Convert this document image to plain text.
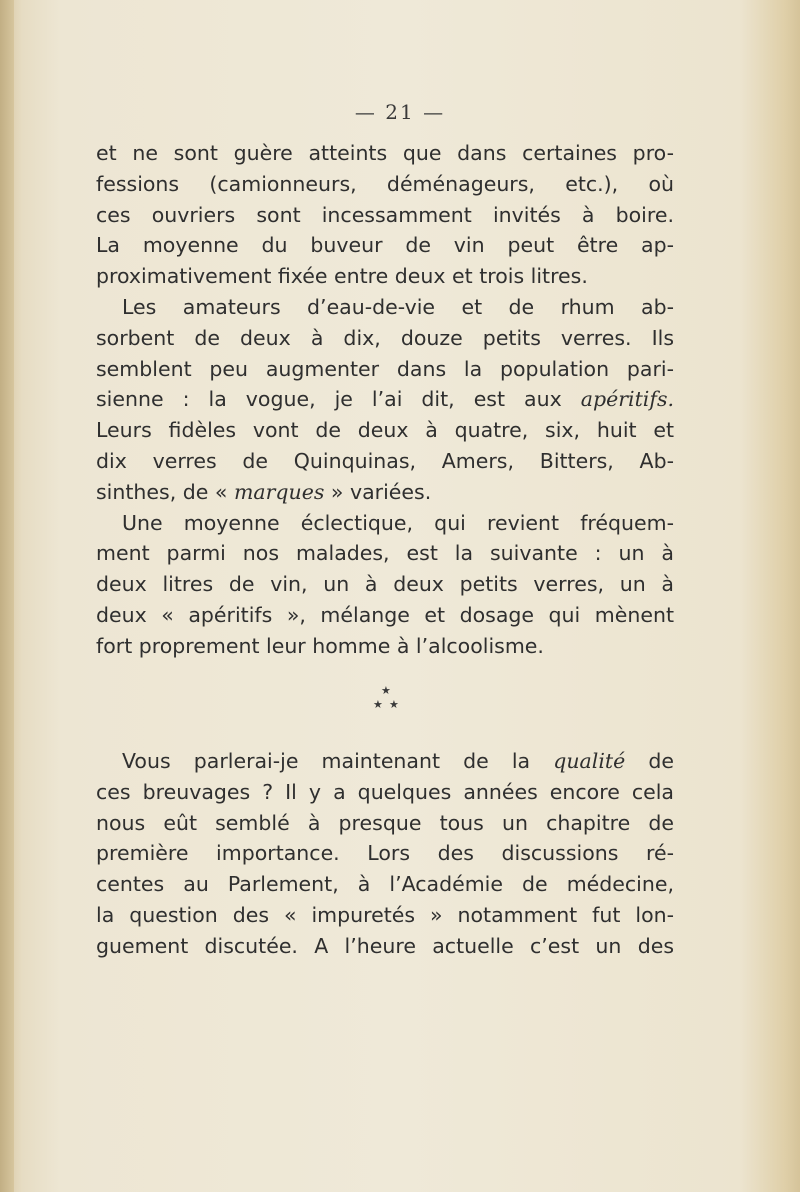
— 21 —
et ne sont guère atteints que dans certaines pro-
fessions (camionneurs, déménageurs, etc.), où
ces ouvriers sont incessamment invités à boire.
La moyenne du buveur de vin peut être ap-
proximativement fixée entre deux et trois litres.
Les amateurs d’eau-de-vie et de rhum ab-
sorbent de deux à dix, douze petits verres. Ils
semblent peu augmenter dans la population pari-
sienne : la vogue, je l’ai dit, est aux apéritifs.
Leurs fidèles vont de deux à quatre, six, huit et
dix verres de Quinquinas, Amers, Bitters, Ab-
sinthes, de « marques » variées.
Une moyenne éclectique, qui revient fréquem-
ment parmi nos malades, est la suivante : un à
deux litres de vin, un à deux petits verres, un à
deux « apéritifs », mélange et dosage qui mènent
fort proprement leur homme à l’alcoolisme.
★
★ ★
Vous parlerai-je maintenant de la qualité de
ces breuvages ? Il y a quelques années encore cela
nous eût semblé à presque tous un chapitre de
première importance. Lors des discussions ré-
centes au Parlement, à l’Académie de médecine,
la question des « impuretés » notamment fut lon-
guement discutée. A l’heure actuelle c’est un des
